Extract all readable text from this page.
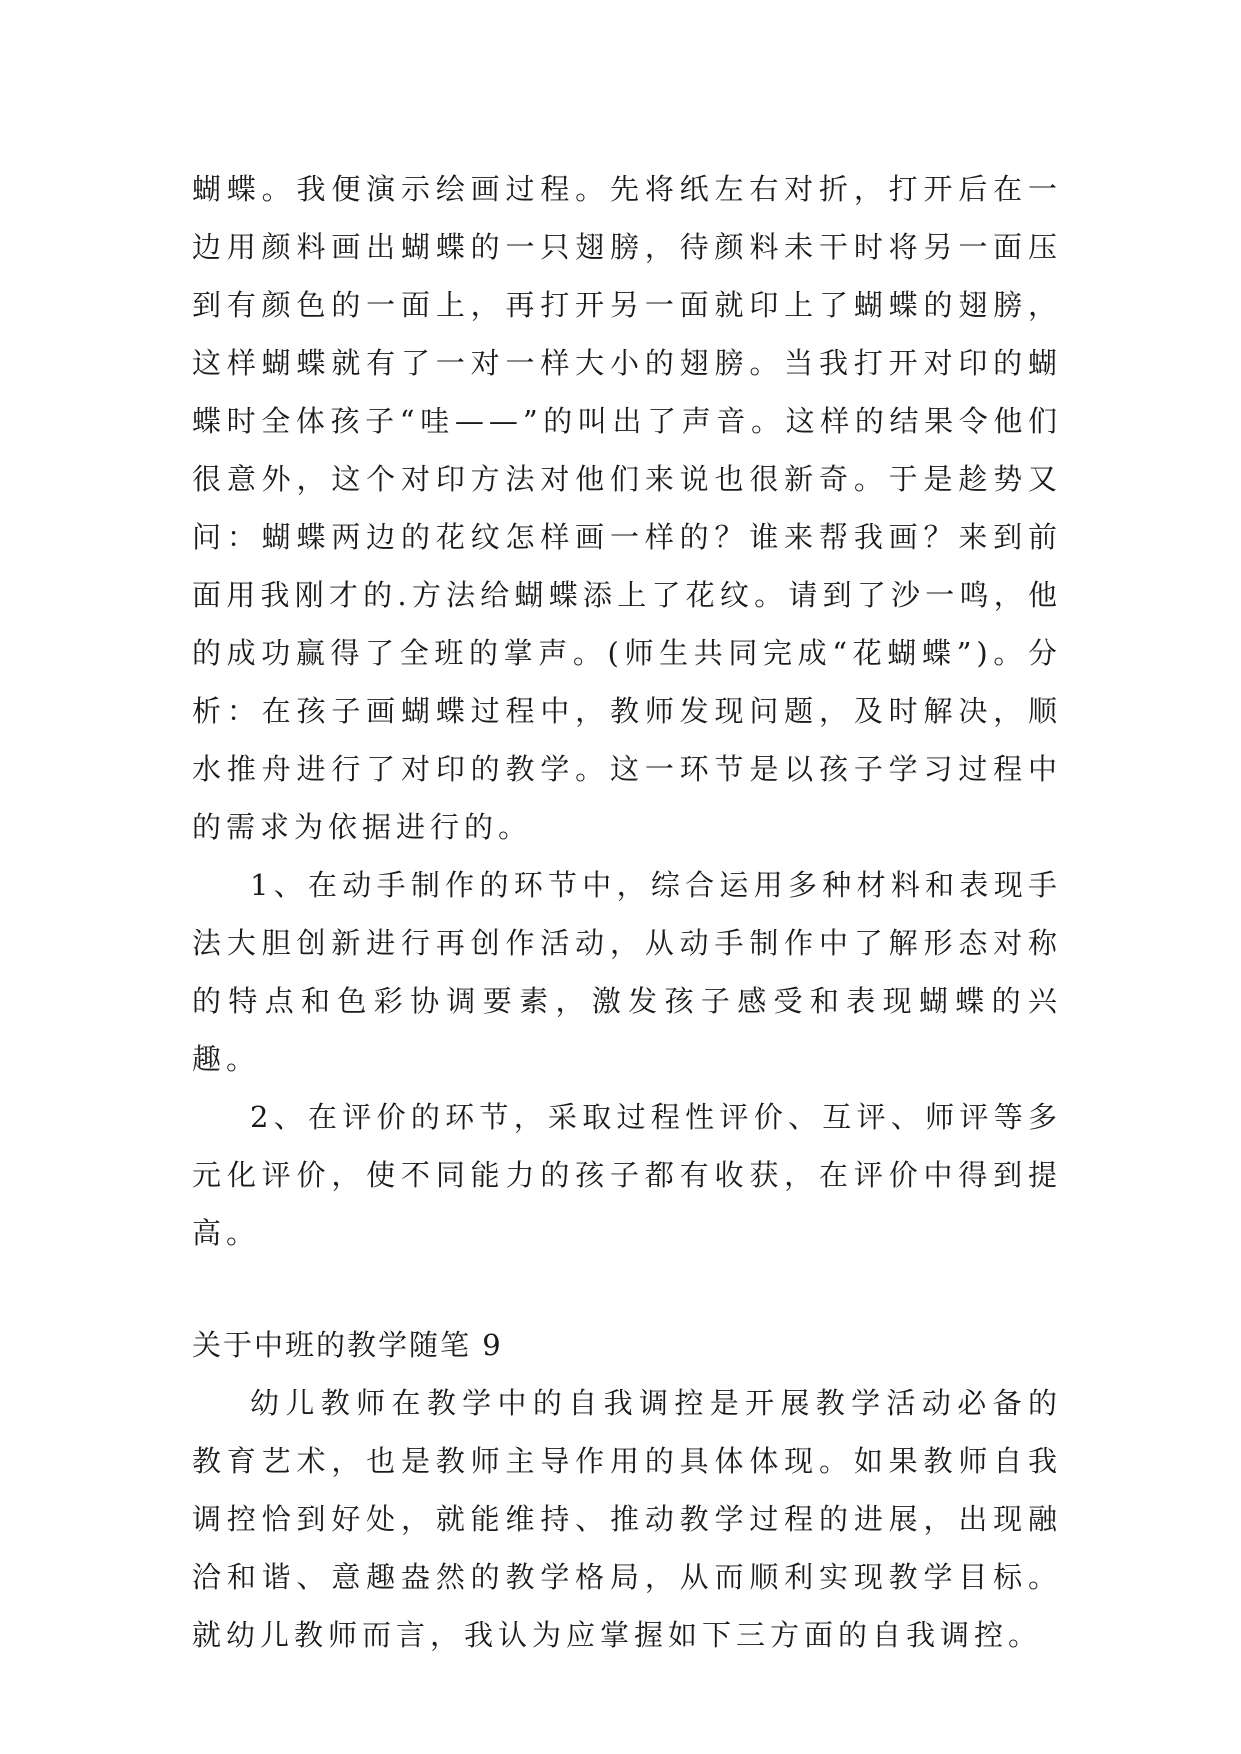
蝴蝶。我便演示绘画过程。先将纸左右对折，打开后在一边用颜料画出蝴蝶的一只翅膀，待颜料未干时将另一面压到有颜色的一面上，再打开另一面就印上了蝴蝶的翅膀，这样蝴蝶就有了一对一样大小的翅膀。当我打开对印的蝴蝶时全体孩子“哇——”的叫出了声音。这样的结果令他们很意外，这个对印方法对他们来说也很新奇。于是趁势又问：蝴蝶两边的花纹怎样画一样的？谁来帮我画？来到前面用我刚才的.方法给蝴蝶添上了花纹。请到了沙一鸣，他的成功赢得了全班的掌声。(师生共同完成“花蝴蝶”)。分析：在孩子画蝴蝶过程中，教师发现问题，及时解决，顺水推舟进行了对印的教学。这一环节是以孩子学习过程中的需求为依据进行的。

1、在动手制作的环节中，综合运用多种材料和表现手法大胆创新进行再创作活动，从动手制作中了解形态对称的特点和色彩协调要素，激发孩子感受和表现蝴蝶的兴趣。

2、在评价的环节，采取过程性评价、互评、师评等多元化评价，使不同能力的孩子都有收获，在评价中得到提高。

关于中班的教学随笔 9

幼儿教师在教学中的自我调控是开展教学活动必备的教育艺术，也是教师主导作用的具体体现。如果教师自我调控恰到好处，就能维持、推动教学过程的进展，出现融洽和谐、意趣盎然的教学格局，从而顺利实现教学目标。就幼儿教师而言，我认为应掌握如下三方面的自我调控。
